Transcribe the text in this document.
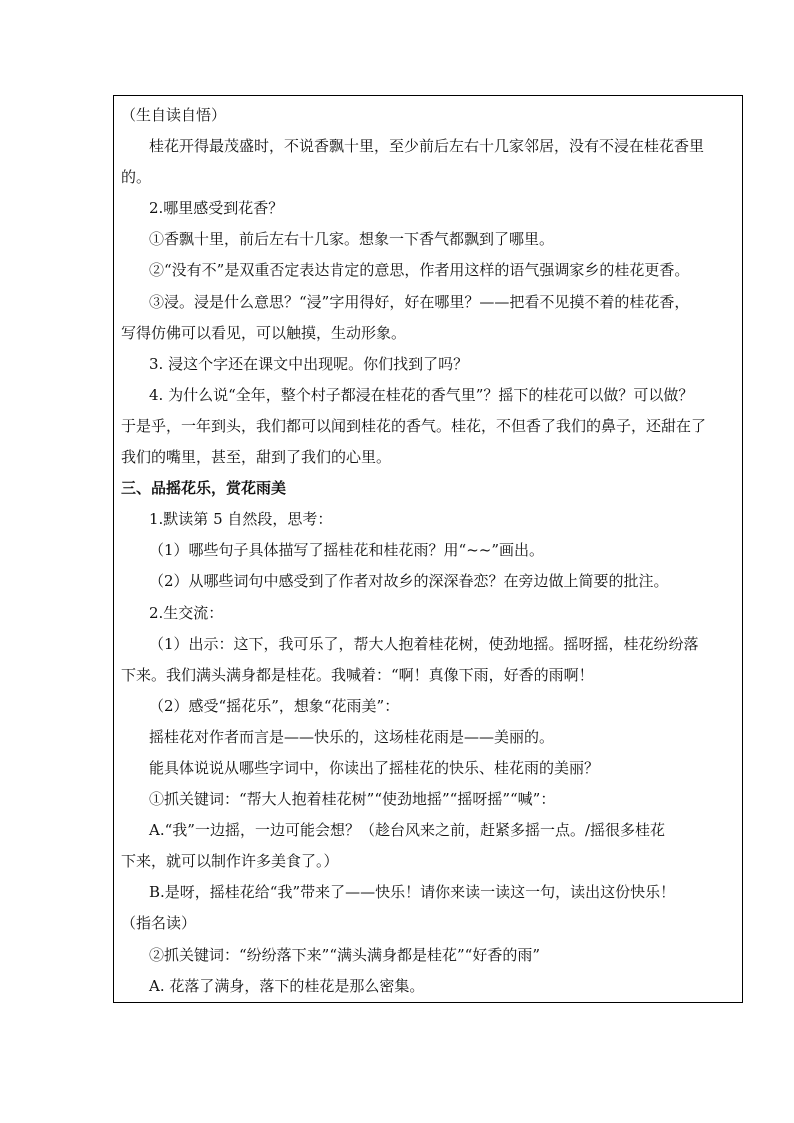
（生自读自悟）

桂花开得最茂盛时，不说香飘十里，至少前后左右十几家邻居，没有不浸在桂花香里

的。

2.哪里感受到花香？

①香飘十里，前后左右十几家。想象一下香气都飘到了哪里。

②“没有不”是双重否定表达肯定的意思，作者用这样的语气强调家乡的桂花更香。

③浸。浸是什么意思？“浸”字用得好，好在哪里？——把看不见摸不着的桂花香，

写得仿佛可以看见，可以触摸，生动形象。

3. 浸这个字还在课文中出现呢。你们找到了吗？

4. 为什么说“全年，整个村子都浸在桂花的香气里”？摇下的桂花可以做？可以做？

于是乎，一年到头，我们都可以闻到桂花的香气。桂花，不但香了我们的鼻子，还甜在了

我们的嘴里，甚至，甜到了我们的心里。

三、品摇花乐，赏花雨美

1.默读第 5 自然段，思考：

（1）哪些句子具体描写了摇桂花和桂花雨？用“~~”画出。

（2）从哪些词句中感受到了作者对故乡的深深眷恋？在旁边做上简要的批注。

2.生交流：

（1）出示：这下，我可乐了，帮大人抱着桂花树，使劲地摇。摇呀摇，桂花纷纷落

下来。我们满头满身都是桂花。我喊着：“啊！真像下雨，好香的雨啊！

（2）感受“摇花乐”，想象“花雨美”：

摇桂花对作者而言是——快乐的，这场桂花雨是——美丽的。

能具体说说从哪些字词中，你读出了摇桂花的快乐、桂花雨的美丽？

①抓关键词：“帮大人抱着桂花树”“使劲地摇”“摇呀摇”“喊”：

A.“我”一边摇，一边可能会想？（趁台风来之前，赶紧多摇一点。/摇很多桂花

下来，就可以制作许多美食了。）

B.是呀，摇桂花给“我”带来了——快乐！请你来读一读这一句，读出这份快乐！

（指名读）

②抓关键词：“纷纷落下来”“满头满身都是桂花”“好香的雨”

A. 花落了满身，落下的桂花是那么密集。
